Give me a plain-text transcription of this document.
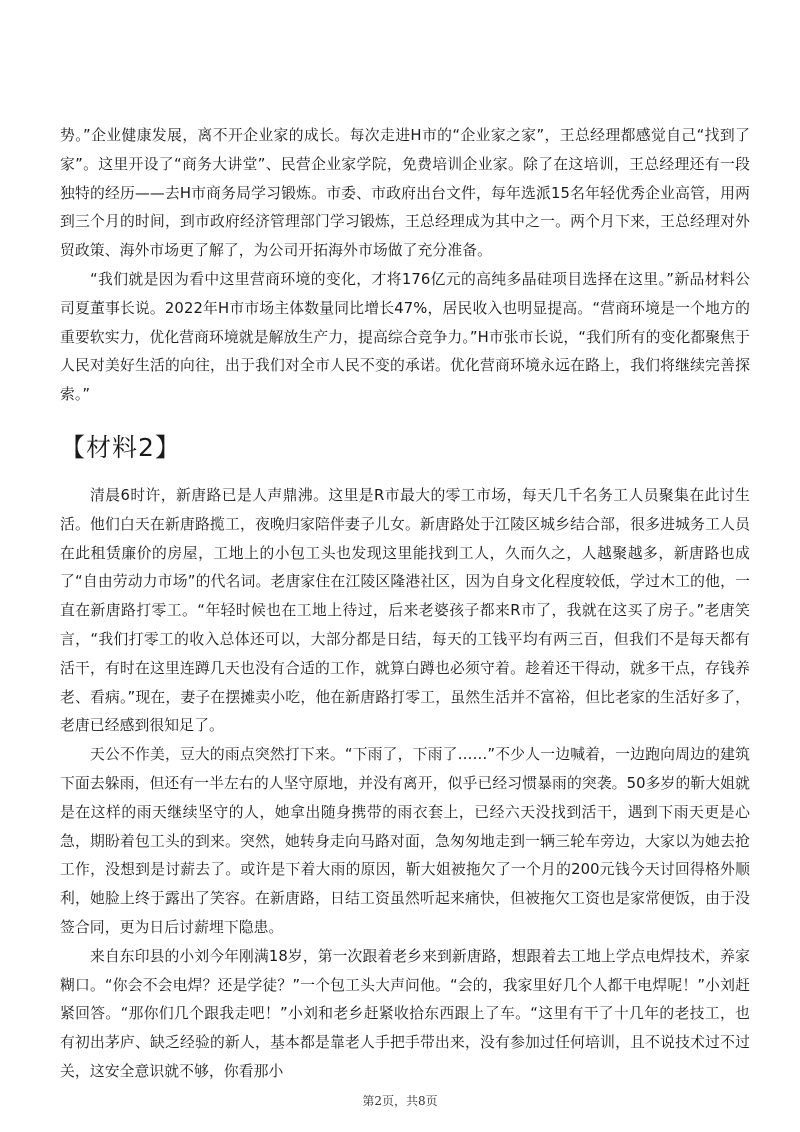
势。”企业健康发展，离不开企业家的成长。每次走进H市的“企业家之家”，王总经理都感觉自己“找到了家”。这里开设了“商务大讲堂”、民营企业家学院，免费培训企业家。除了在这培训，王总经理还有一段独特的经历——去H市商务局学习锻炼。市委、市政府出台文件，每年选派15名年轻优秀企业高管，用两到三个月的时间，到市政府经济管理部门学习锻炼，王总经理成为其中之一。两个月下来，王总经理对外贸政策、海外市场更了解了，为公司开拓海外市场做了充分准备。

“我们就是因为看中这里营商环境的变化，才将176亿元的高纯多晶硅项目选择在这里。”新品材料公司夏董事长说。2022年H市市场主体数量同比增长47%，居民收入也明显提高。“营商环境是一个地方的重要软实力，优化营商环境就是解放生产力，提高综合竞争力。”H市张市长说，“我们所有的变化都聚焦于人民对美好生活的向往，出于我们对全市人民不变的承诺。优化营商环境永远在路上，我们将继续完善探索。”

【材料2】

清晨6时许，新唐路已是人声鼎沸。这里是R市最大的零工市场，每天几千名务工人员聚集在此讨生活。他们白天在新唐路揽工，夜晚归家陪伴妻子儿女。新唐路处于江陵区城乡结合部，很多进城务工人员在此租赁廉价的房屋，工地上的小包工头也发现这里能找到工人，久而久之，人越聚越多，新唐路也成了“自由劳动力市场”的代名词。老唐家住在江陵区隆港社区，因为自身文化程度较低，学过木工的他，一直在新唐路打零工。“年轻时候也在工地上待过，后来老婆孩子都来R市了，我就在这买了房子。”老唐笑言，“我们打零工的收入总体还可以，大部分都是日结，每天的工钱平均有两三百，但我们不是每天都有活干，有时在这里连蹲几天也没有合适的工作，就算白蹲也必须守着。趁着还干得动，就多干点，存钱养老、看病。”现在，妻子在摆摊卖小吃，他在新唐路打零工，虽然生活并不富裕，但比老家的生活好多了，老唐已经感到很知足了。

天公不作美，豆大的雨点突然打下来。“下雨了，下雨了……”不少人一边喊着，一边跑向周边的建筑下面去躲雨，但还有一半左右的人坚守原地，并没有离开，似乎已经习惯暴雨的突袭。50多岁的靳大姐就是在这样的雨天继续坚守的人，她拿出随身携带的雨衣套上，已经六天没找到活干，遇到下雨天更是心急，期盼着包工头的到来。突然，她转身走向马路对面，急匆匆地走到一辆三轮车旁边，大家以为她去抢工作，没想到是讨薪去了。或许是下着大雨的原因，靳大姐被拖欠了一个月的200元钱今天讨回得格外顺利，她脸上终于露出了笑容。在新唐路，日结工资虽然听起来痛快，但被拖欠工资也是家常便饭，由于没签合同，更为日后讨薪埋下隐患。

来自东印县的小刘今年刚满18岁，第一次跟着老乡来到新唐路，想跟着去工地上学点电焊技术，养家糊口。“你会不会电焊？还是学徒？”一个包工头大声问他。“会的，我家里好几个人都干电焊呢！”小刘赶紧回答。“那你们几个跟我走吧！”小刘和老乡赶紧收拾东西跟上了车。“这里有干了十几年的老技工，也有初出茅庐、缺乏经验的新人，基本都是靠老人手把手带出来，没有参加过任何培训，且不说技术过不过关，这安全意识就不够，你看那小

第2页，共8页
